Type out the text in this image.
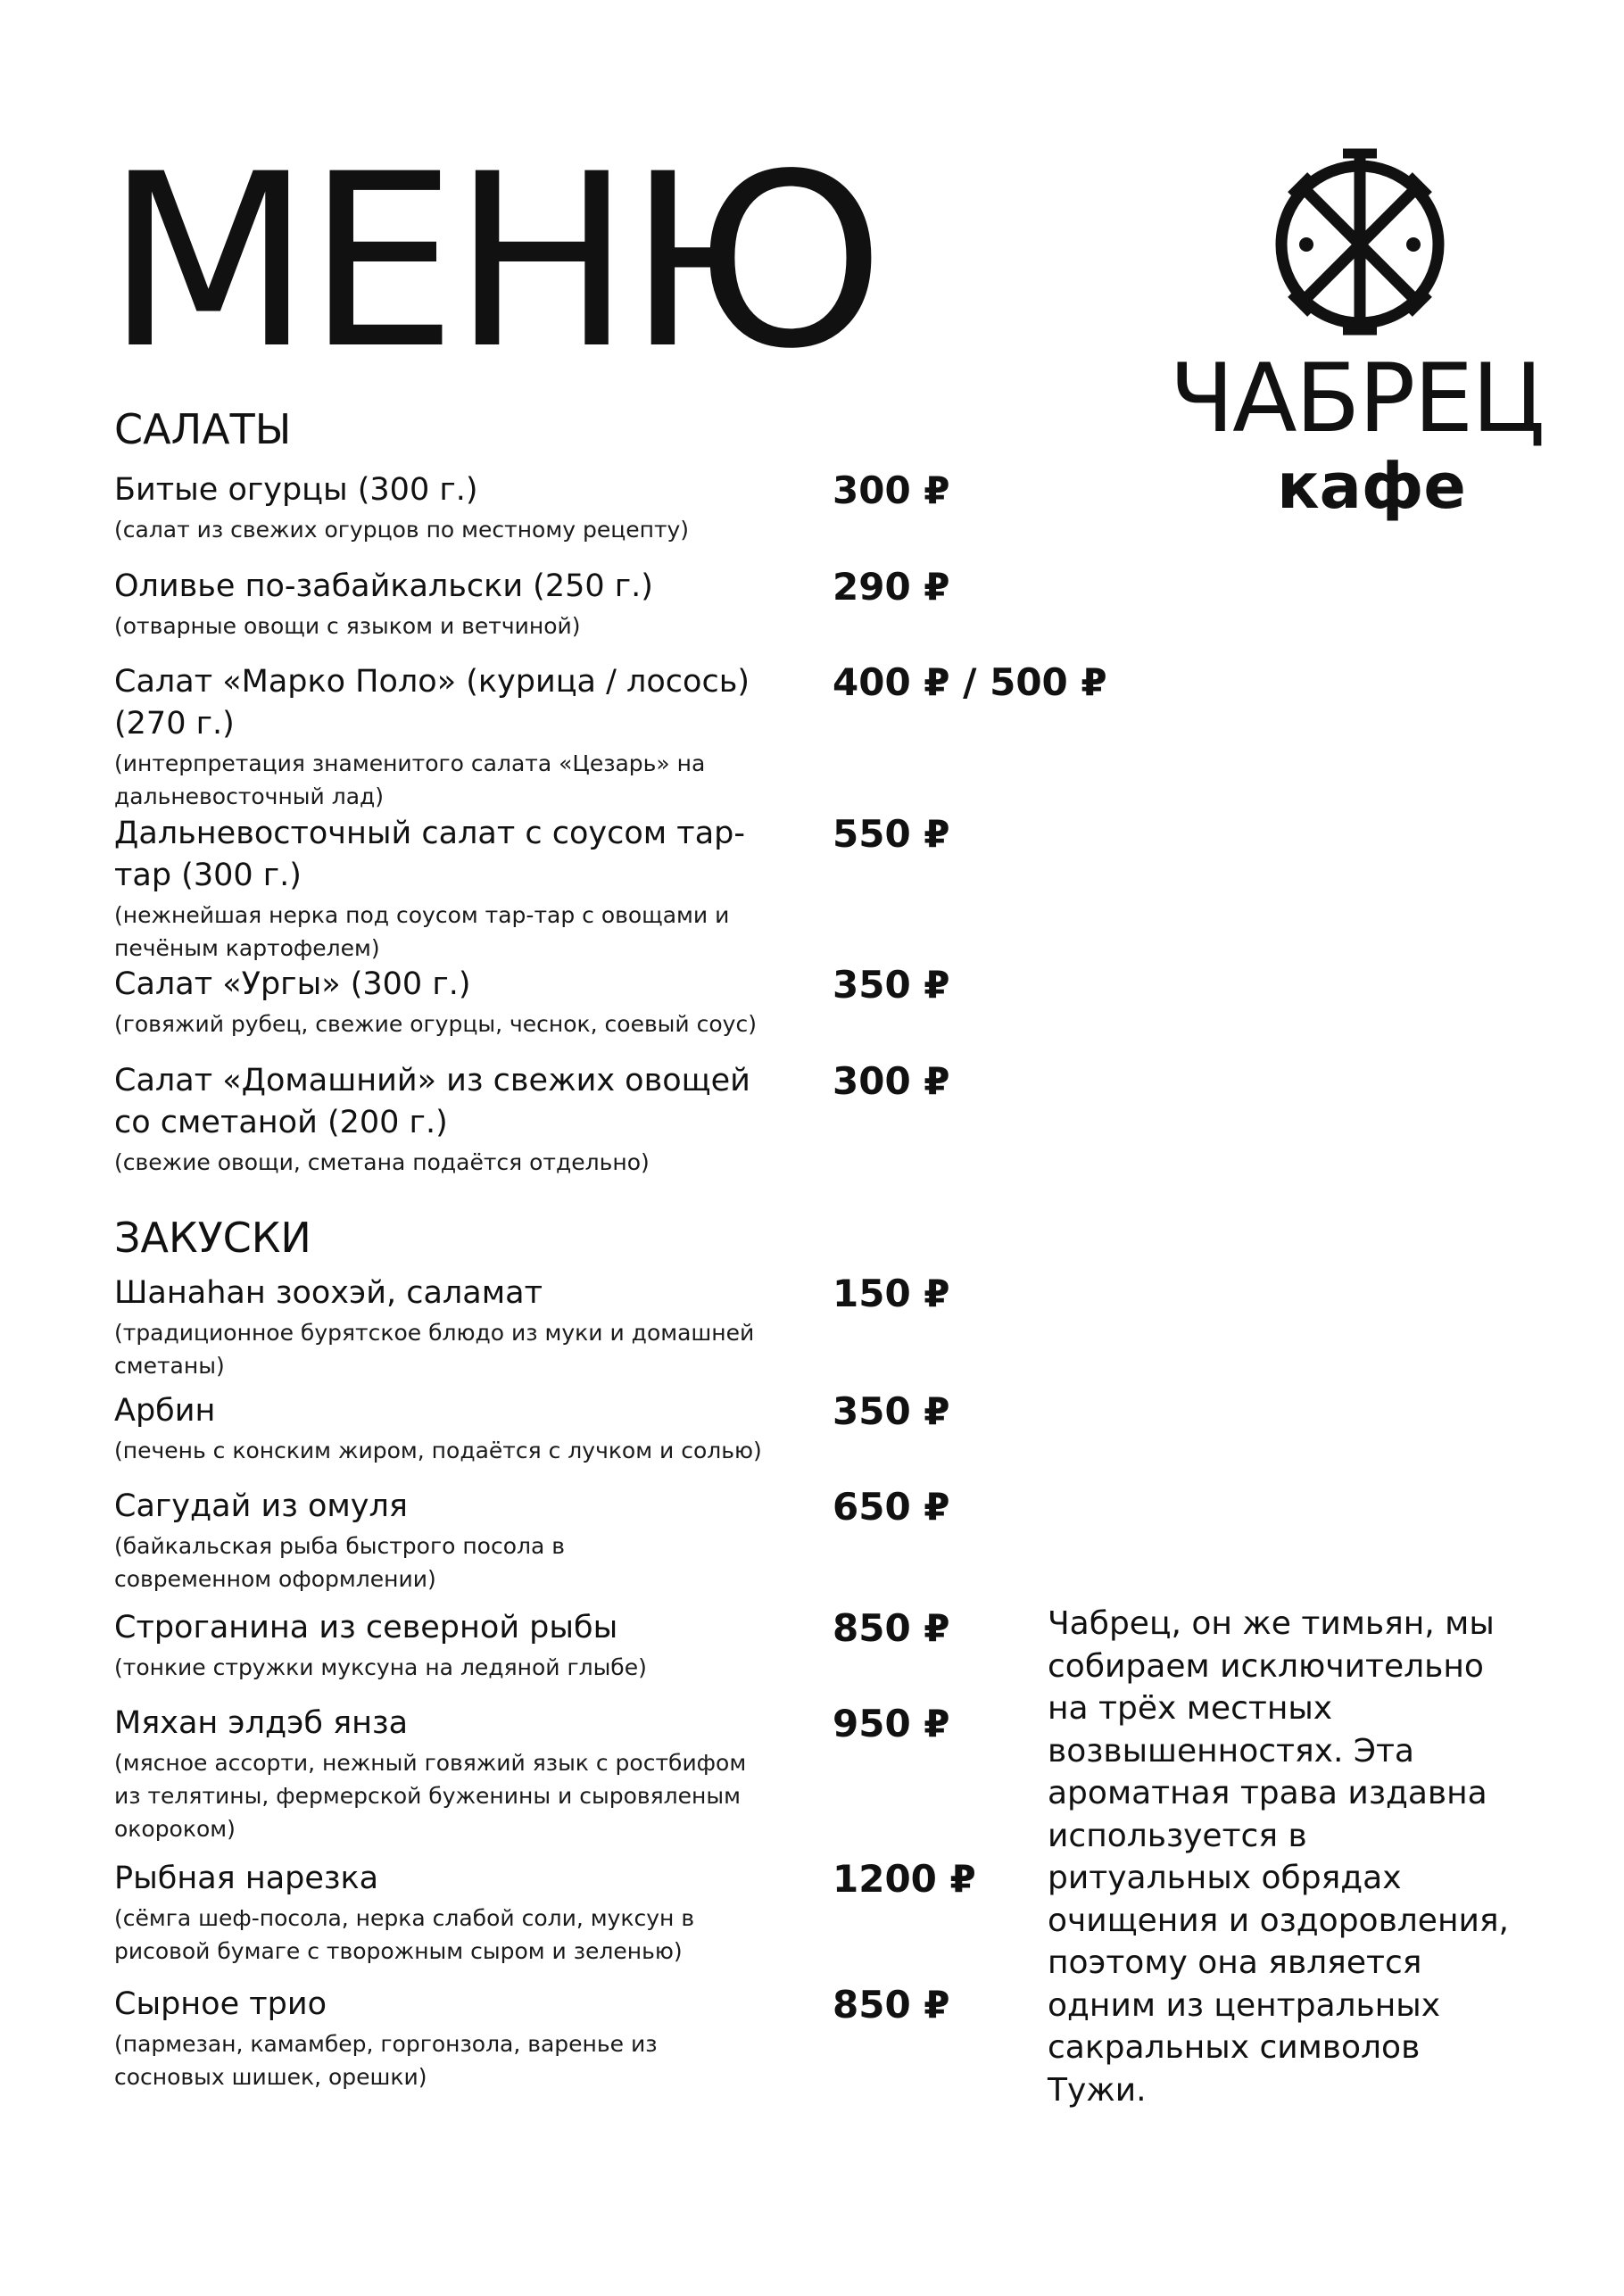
МЕНЮ	ЧАБРЕЦ
кафе
САЛАТЫ
Битые огурцы (300 г.)
(салат из свежих огурцов по местному рецепту)
300 ₽
Оливье по-забайкальски (250 г.)
(отварные овощи с языком и ветчиной)
290 ₽
Салат «Марко Поло» (курица / лосось)
(270 г.)
(интерпретация знаменитого салата «Цезарь» на
дальневосточный лад)
400 ₽ / 500 ₽
Дальневосточный салат с соусом тар-
тар (300 г.)
(нежнейшая нерка под соусом тар-тар с овощами и
печёным картофелем)
550 ₽
Салат «Ургы» (300 г.)
(говяжий рубец, свежие огурцы, чеснок, соевый соус)
350 ₽
Салат «Домашний» из свежих овощей
со сметаной (200 г.)
(свежие овощи, сметана подаётся отдельно)
300 ₽
ЗАКУСКИ
Шанаһан зоохэй, саламат
(традиционное бурятское блюдо из муки и домашней
сметаны)
150 ₽
Арбин
(печень с конским жиром, подаётся с лучком и солью)
350 ₽
Сагудай из омуля
(байкальская рыба быстрого посола в
современном оформлении)
650 ₽
Строганина из северной рыбы
(тонкие стружки муксуна на ледяной глыбе)
850 ₽
Мяхан элдэб янза
(мясное ассорти, нежный говяжий язык с ростбифом
из телятины, фермерской буженины и сыровяленым
окороком)
950 ₽
Рыбная нарезка
(сёмга шеф-посола, нерка слабой соли, муксун в
рисовой бумаге с творожным сыром и зеленью)
1200 ₽
Сырное трио
(пармезан, камамбер, горгонзола, варенье из
сосновых шишек, орешки)
850 ₽
Чабрец, он же тимьян, мы
собираем исключительно
на трёх местных
возвышенностях. Эта
ароматная трава издавна
используется в
ритуальных обрядах
очищения и оздоровления,
поэтому она является
одним из центральных
сакральных символов
Тужи.
